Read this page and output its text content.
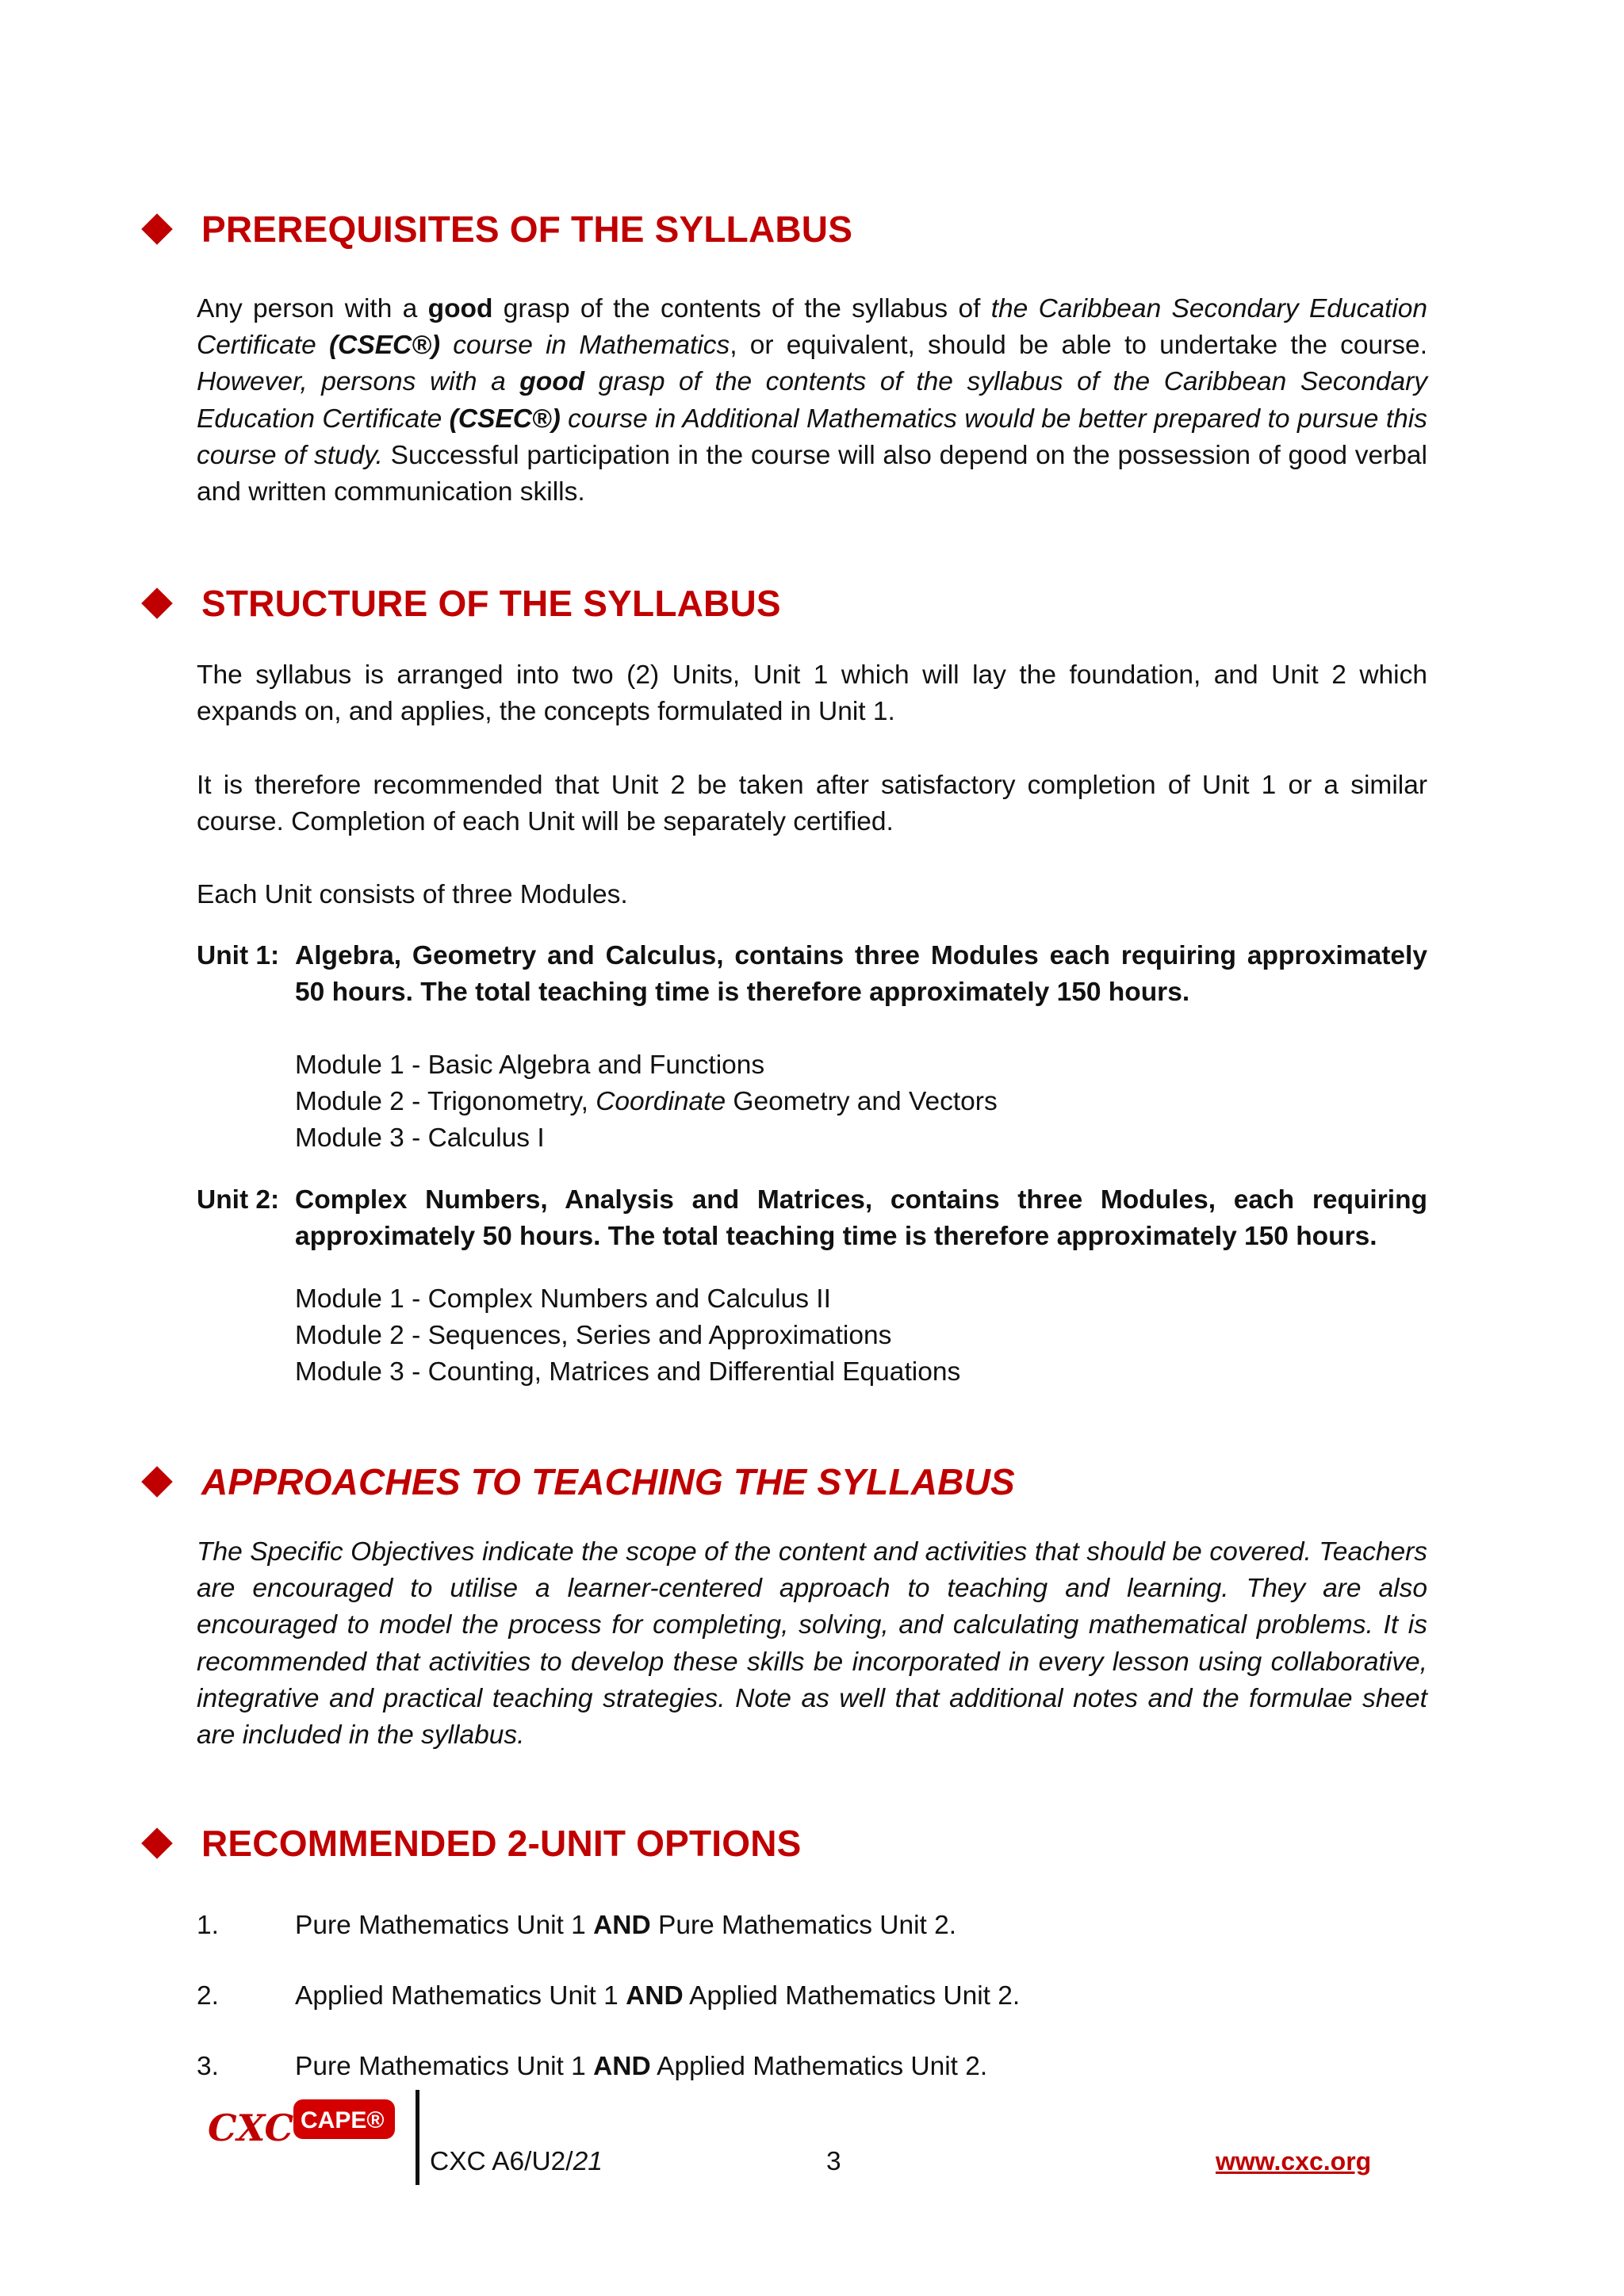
PREREQUISITES OF THE SYLLABUS
Any person with a good grasp of the contents of the syllabus of the Caribbean Secondary Education Certificate (CSEC®) course in Mathematics, or equivalent, should be able to undertake the course. However, persons with a good grasp of the contents of the syllabus of the Caribbean Secondary Education Certificate (CSEC®) course in Additional Mathematics would be better prepared to pursue this course of study. Successful participation in the course will also depend on the possession of good verbal and written communication skills.
STRUCTURE OF THE SYLLABUS
The syllabus is arranged into two (2) Units, Unit 1 which will lay the foundation, and Unit 2 which expands on, and applies, the concepts formulated in Unit 1.
It is therefore recommended that Unit 2 be taken after satisfactory completion of Unit 1 or a similar course. Completion of each Unit will be separately certified.
Each Unit consists of three Modules.
Unit 1: Algebra, Geometry and Calculus, contains three Modules each requiring approximately 50 hours. The total teaching time is therefore approximately 150 hours.
Module 1 - Basic Algebra and Functions
Module 2 - Trigonometry, Coordinate Geometry and Vectors
Module 3 - Calculus I
Unit 2: Complex Numbers, Analysis and Matrices, contains three Modules, each requiring approximately 50 hours. The total teaching time is therefore approximately 150 hours.
Module 1 - Complex Numbers and Calculus II
Module 2 - Sequences, Series and Approximations
Module 3 - Counting, Matrices and Differential Equations
APPROACHES TO TEACHING THE SYLLABUS
The Specific Objectives indicate the scope of the content and activities that should be covered. Teachers are encouraged to utilise a learner-centered approach to teaching and learning. They are also encouraged to model the process for completing, solving, and calculating mathematical problems. It is recommended that activities to develop these skills be incorporated in every lesson using collaborative, integrative and practical teaching strategies. Note as well that additional notes and the formulae sheet are included in the syllabus.
RECOMMENDED 2-UNIT OPTIONS
1.	Pure Mathematics Unit 1 AND Pure Mathematics Unit 2.
2.	Applied Mathematics Unit 1 AND Applied Mathematics Unit 2.
3.	Pure Mathematics Unit 1 AND Applied Mathematics Unit 2.
CXC CAPE®
CXC A6/U2/21	3	www.cxc.org
